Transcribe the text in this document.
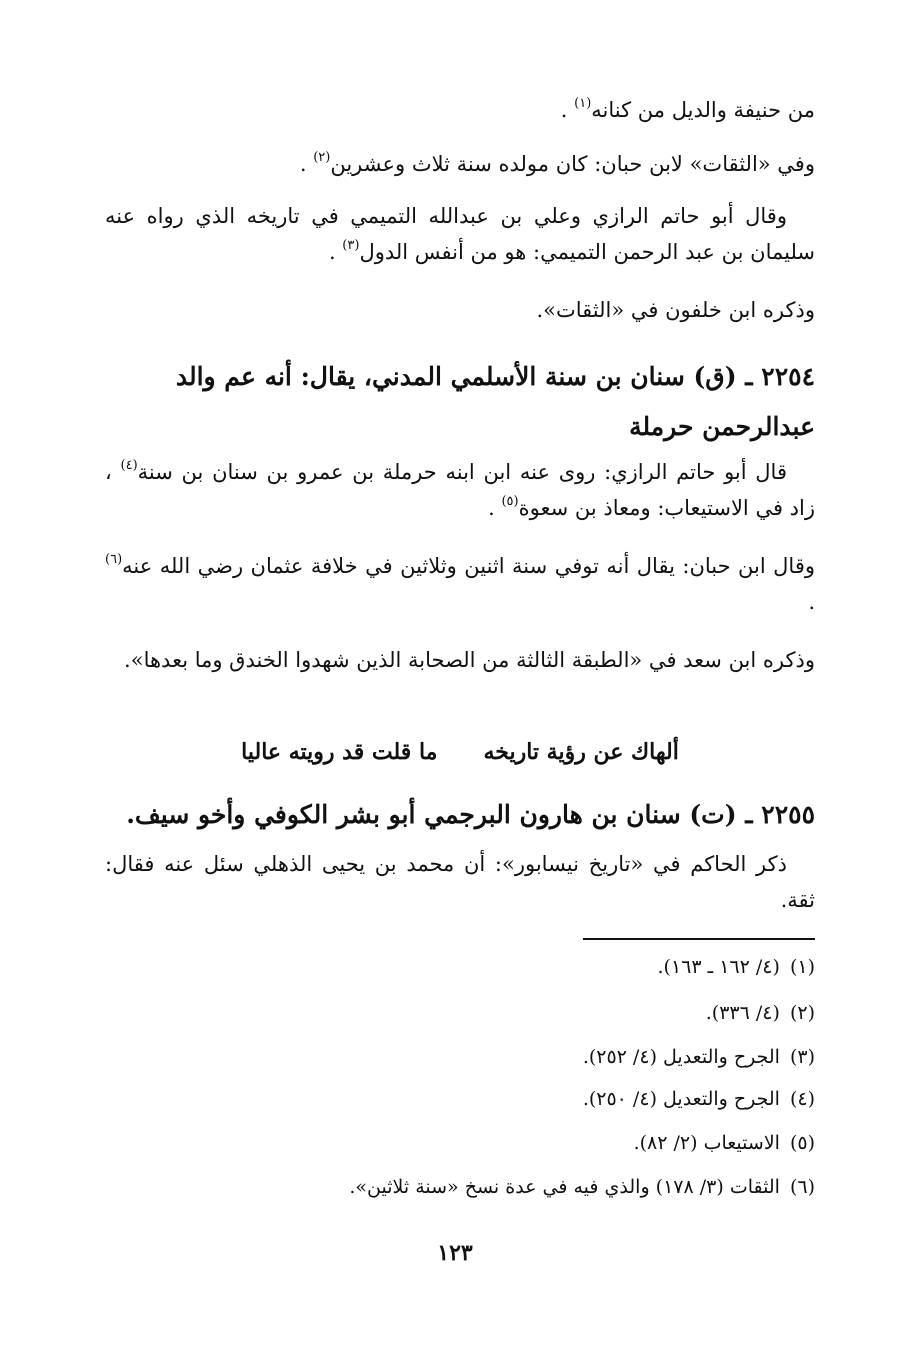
من حنيفة والديل من كنانه$^{(١)}$ .

وفي «الثقات» لابن حبان: كان مولده سنة ثلاث وعشرين$^{(٢)}$ .

وقال أبو حاتم الرازي وعلي بن عبدالله التميمي في تاريخه الذي رواه عنه سليمان بن عبد الرحمن التميمي: هو من أنفس الدول$^{(٣)}$ .

وذكره ابن خلفون في «الثقات».

٢٢٥٤ ـ (ق) سنان بن سنة الأسلمي المدني، يقال: أنه عم والد عبدالرحمن حرملة

قال أبو حاتم الرازي: روى عنه ابن ابنه حرملة بن عمرو بن سنان بن سنة$^{(٤)}$ ، زاد في الاستيعاب: ومعاذ بن سعوة$^{(٥)}$ .

وقال ابن حبان: يقال أنه توفي سنة اثنين وثلاثين في خلافة عثمان رضي الله عنه$^{(٦)}$ .

وذكره ابن سعد في «الطبقة الثالثة من الصحابة الذين شهدوا الخندق وما بعدها».

ألهاك عن رؤية تاريخه
ما قلت قد رويته عاليا

٢٢٥٥ ـ (ت) سنان بن هارون البرجمي أبو بشر الكوفي وأخو سيف.

ذكر الحاكم في «تاريخ نيسابور»: أن محمد بن يحيى الذهلي سئل عنه فقال: ثقة.

(١)(٤/ ١٦٢ ـ ١٦٣).

(٢)(٤/ ٣٣٦).

(٣)الجرح والتعديل (٤/ ٢٥٢).

(٤)الجرح والتعديل (٤/ ٢٥٠).

(٥)الاستيعاب (٢/ ٨٢).

(٦)الثقات (٣/ ١٧٨) والذي فيه في عدة نسخ «سنة ثلاثين».

١٢٣
